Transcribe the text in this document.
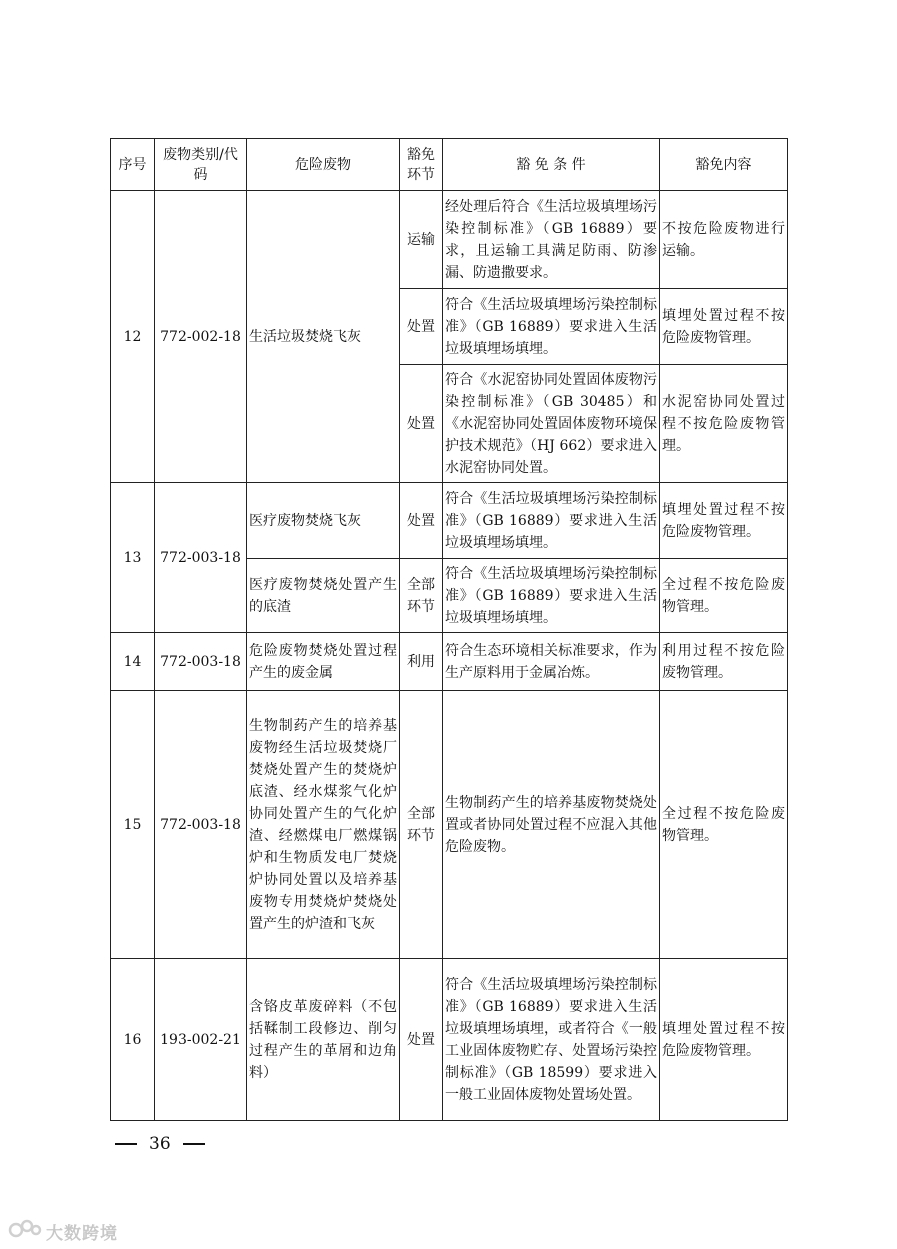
序号	废物类别/代码	危险废物	豁免环节	豁 免 条 件	豁免内容
12	772-002-18	生活垃圾焚烧飞灰	运输	经处理后符合《生活垃圾填埋场污染控制标准》（GB 16889）要求，且运输工具满足防雨、防渗漏、防遗撒要求。	不按危险废物进行运输。
			处置	符合《生活垃圾填埋场污染控制标准》（GB 16889）要求进入生活垃圾填埋场填埋。	填埋处置过程不按危险废物管理。
			处置	符合《水泥窑协同处置固体废物污染控制标准》（GB 30485）和《水泥窑协同处置固体废物环境保护技术规范》（HJ 662）要求进入水泥窑协同处置。	水泥窑协同处置过程不按危险废物管理。
13	772-003-18	医疗废物焚烧飞灰	处置	符合《生活垃圾填埋场污染控制标准》（GB 16889）要求进入生活垃圾填埋场填埋。	填埋处置过程不按危险废物管理。
		医疗废物焚烧处置产生的底渣	全部环节	符合《生活垃圾填埋场污染控制标准》（GB 16889）要求进入生活垃圾填埋场填埋。	全过程不按危险废物管理。
14	772-003-18	危险废物焚烧处置过程产生的废金属	利用	符合生态环境相关标准要求，作为生产原料用于金属冶炼。	利用过程不按危险废物管理。
15	772-003-18	生物制药产生的培养基废物经生活垃圾焚烧厂焚烧处置产生的焚烧炉底渣、经水煤浆气化炉协同处置产生的气化炉渣、经燃煤电厂燃煤锅炉和生物质发电厂焚烧炉协同处置以及培养基废物专用焚烧炉焚烧处置产生的炉渣和飞灰	全部环节	生物制药产生的培养基废物焚烧处置或者协同处置过程不应混入其他危险废物。	全过程不按危险废物管理。
16	193-002-21	含铬皮革废碎料（不包括鞣制工段修边、削匀过程产生的革屑和边角料）	处置	符合《生活垃圾填埋场污染控制标准》（GB 16889）要求进入生活垃圾填埋场填埋，或者符合《一般工业固体废物贮存、处置场污染控制标准》（GB 18599）要求进入一般工业固体废物处置场处置。	填埋处置过程不按危险废物管理。
36
大数跨境
